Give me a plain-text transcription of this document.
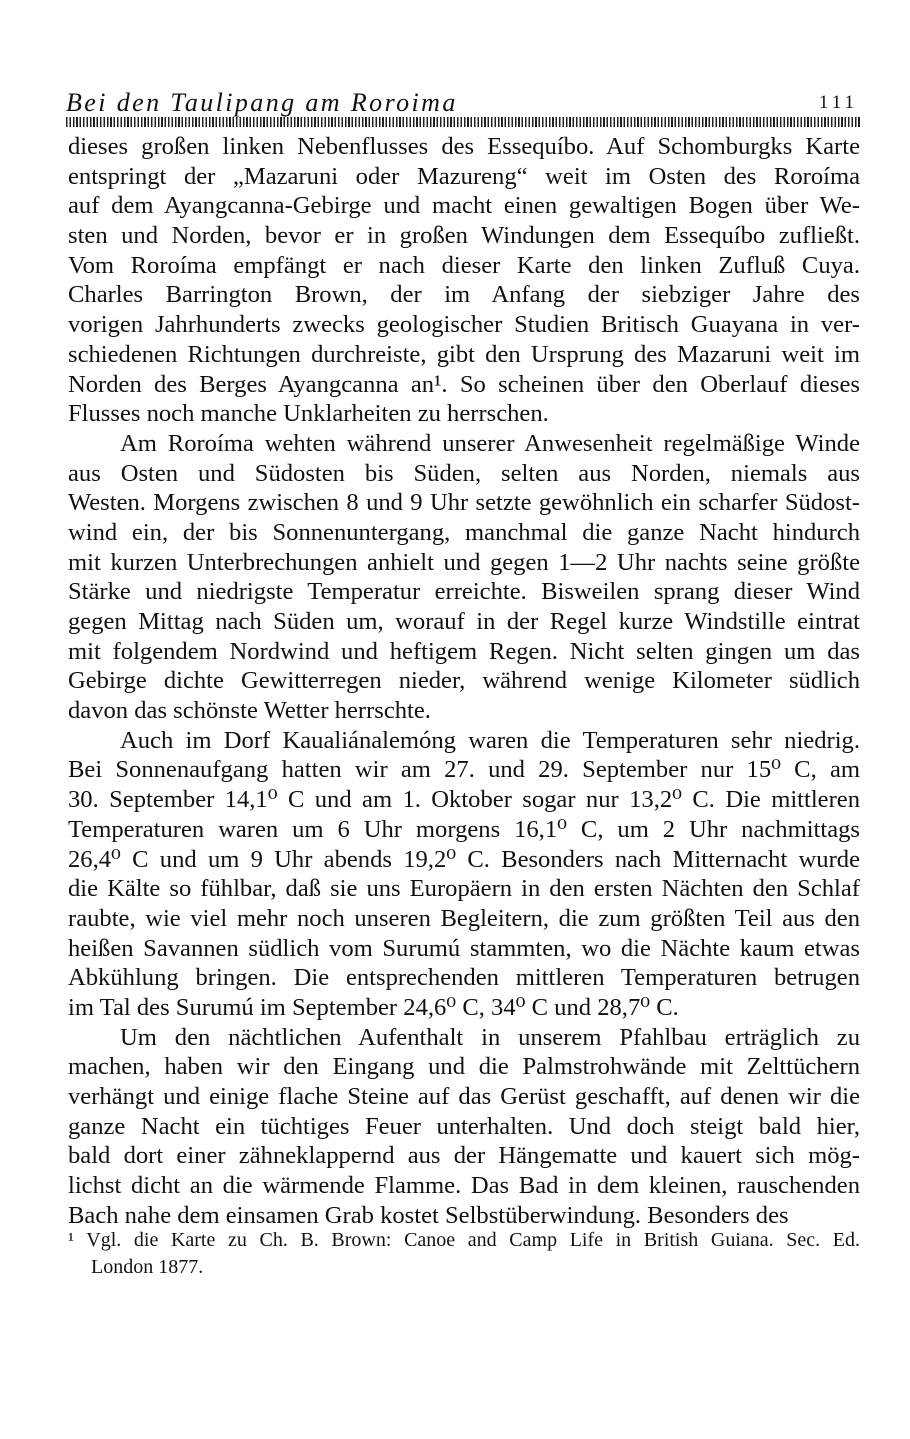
Bei den Taulipang am Roroima	111
dieses großen linken Nebenflusses des Essequíbo. Auf Schomburgks Karte
entspringt der „Mazaruni oder Mazureng“ weit im Osten des Roroíma
auf dem Ayangcanna-Gebirge und macht einen gewaltigen Bogen über We-
sten und Norden, bevor er in großen Windungen dem Essequíbo zufließt.
Vom Roroíma empfängt er nach dieser Karte den linken Zufluß Cuya.
Charles Barrington Brown, der im Anfang der siebziger Jahre des
vorigen Jahrhunderts zwecks geologischer Studien Britisch Guayana in ver-
schiedenen Richtungen durchreiste, gibt den Ursprung des Mazaruni weit im
Norden des Berges Ayangcanna an¹. So scheinen über den Oberlauf dieses
Flusses noch manche Unklarheiten zu herrschen.
Am Roroíma wehten während unserer Anwesenheit regelmäßige Winde
aus Osten und Südosten bis Süden, selten aus Norden, niemals aus
Westen. Morgens zwischen 8 und 9 Uhr setzte gewöhnlich ein scharfer Südost-
wind ein, der bis Sonnenuntergang, manchmal die ganze Nacht hindurch
mit kurzen Unterbrechungen anhielt und gegen 1—2 Uhr nachts seine größte
Stärke und niedrigste Temperatur erreichte. Bisweilen sprang dieser Wind
gegen Mittag nach Süden um, worauf in der Regel kurze Windstille eintrat
mit folgendem Nordwind und heftigem Regen. Nicht selten gingen um das
Gebirge dichte Gewitterregen nieder, während wenige Kilometer südlich
davon das schönste Wetter herrschte.
Auch im Dorf Kaualiánalemóng waren die Temperaturen sehr niedrig.
Bei Sonnenaufgang hatten wir am 27. und 29. September nur 15⁰ C, am
30. September 14,1⁰ C und am 1. Oktober sogar nur 13,2⁰ C. Die mittleren
Temperaturen waren um 6 Uhr morgens 16,1⁰ C, um 2 Uhr nachmittags
26,4⁰ C und um 9 Uhr abends 19,2⁰ C. Besonders nach Mitternacht wurde
die Kälte so fühlbar, daß sie uns Europäern in den ersten Nächten den Schlaf
raubte, wie viel mehr noch unseren Begleitern, die zum größten Teil aus den
heißen Savannen südlich vom Surumú stammten, wo die Nächte kaum etwas
Abkühlung bringen. Die entsprechenden mittleren Temperaturen betrugen
im Tal des Surumú im September 24,6⁰ C, 34⁰ C und 28,7⁰ C.
Um den nächtlichen Aufenthalt in unserem Pfahlbau erträglich zu
machen, haben wir den Eingang und die Palmstrohwände mit Zelttüchern
verhängt und einige flache Steine auf das Gerüst geschafft, auf denen wir die
ganze Nacht ein tüchtiges Feuer unterhalten. Und doch steigt bald hier,
bald dort einer zähneklappernd aus der Hängematte und kauert sich mög-
lichst dicht an die wärmende Flamme. Das Bad in dem kleinen, rauschenden
Bach nahe dem einsamen Grab kostet Selbstüberwindung. Besonders des
¹ Vgl. die Karte zu Ch. B. Brown: Canoe and Camp Life in British Guiana. Sec. Ed.
London 1877.
